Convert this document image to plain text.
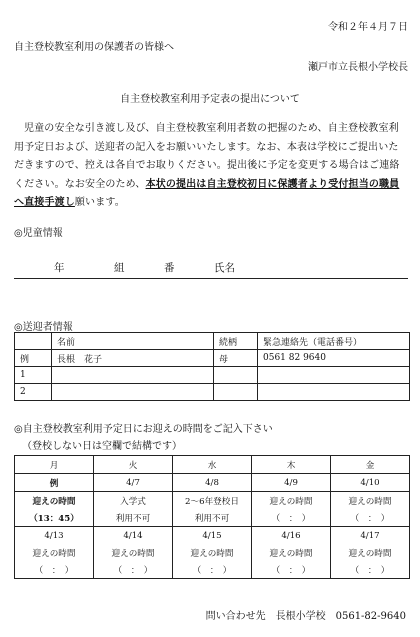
令和２年４月７日
自主登校教室利用の保護者の皆様へ
瀬戸市立長根小学校長
自主登校教室利用予定表の提出について
児童の安全な引き渡し及び、自主登校教室利用者数の把握のため、自主登校教室利用予定日および、送迎者の記入をお願いいたします。なお、本表は学校にご提出いただきますので、控えは各自でお取りください。提出後に予定を変更する場合はご連絡ください。なお安全のため、本状の提出は自主登校初日に保護者より受付担当の職員へ直接手渡し願います。
◎児童情報
年	組	番	氏名
◎送迎者情報
	名前	続柄	緊急連絡先（電話番号）
例	長根　花子	母	0561 82 9640
1			
2			
◎自主登校教室利用予定日にお迎えの時間をご記入下さい
（登校しない日は空欄で結構です）
月	火	水	木	金
例	4/7	4/8	4/9	4/10
迎えの時間	入学式	2～6年登校日	迎えの時間	迎えの時間
（13：45）	利用不可	利用不可	（　：　）	（　：　）
4/13	4/14	4/15	4/16	4/17
迎えの時間	迎えの時間	迎えの時間	迎えの時間	迎えの時間
（　：　）	（　：　）	（　：　）	（　：　）	（　：　）
問い合わせ先　長根小学校　0561-82-9640
